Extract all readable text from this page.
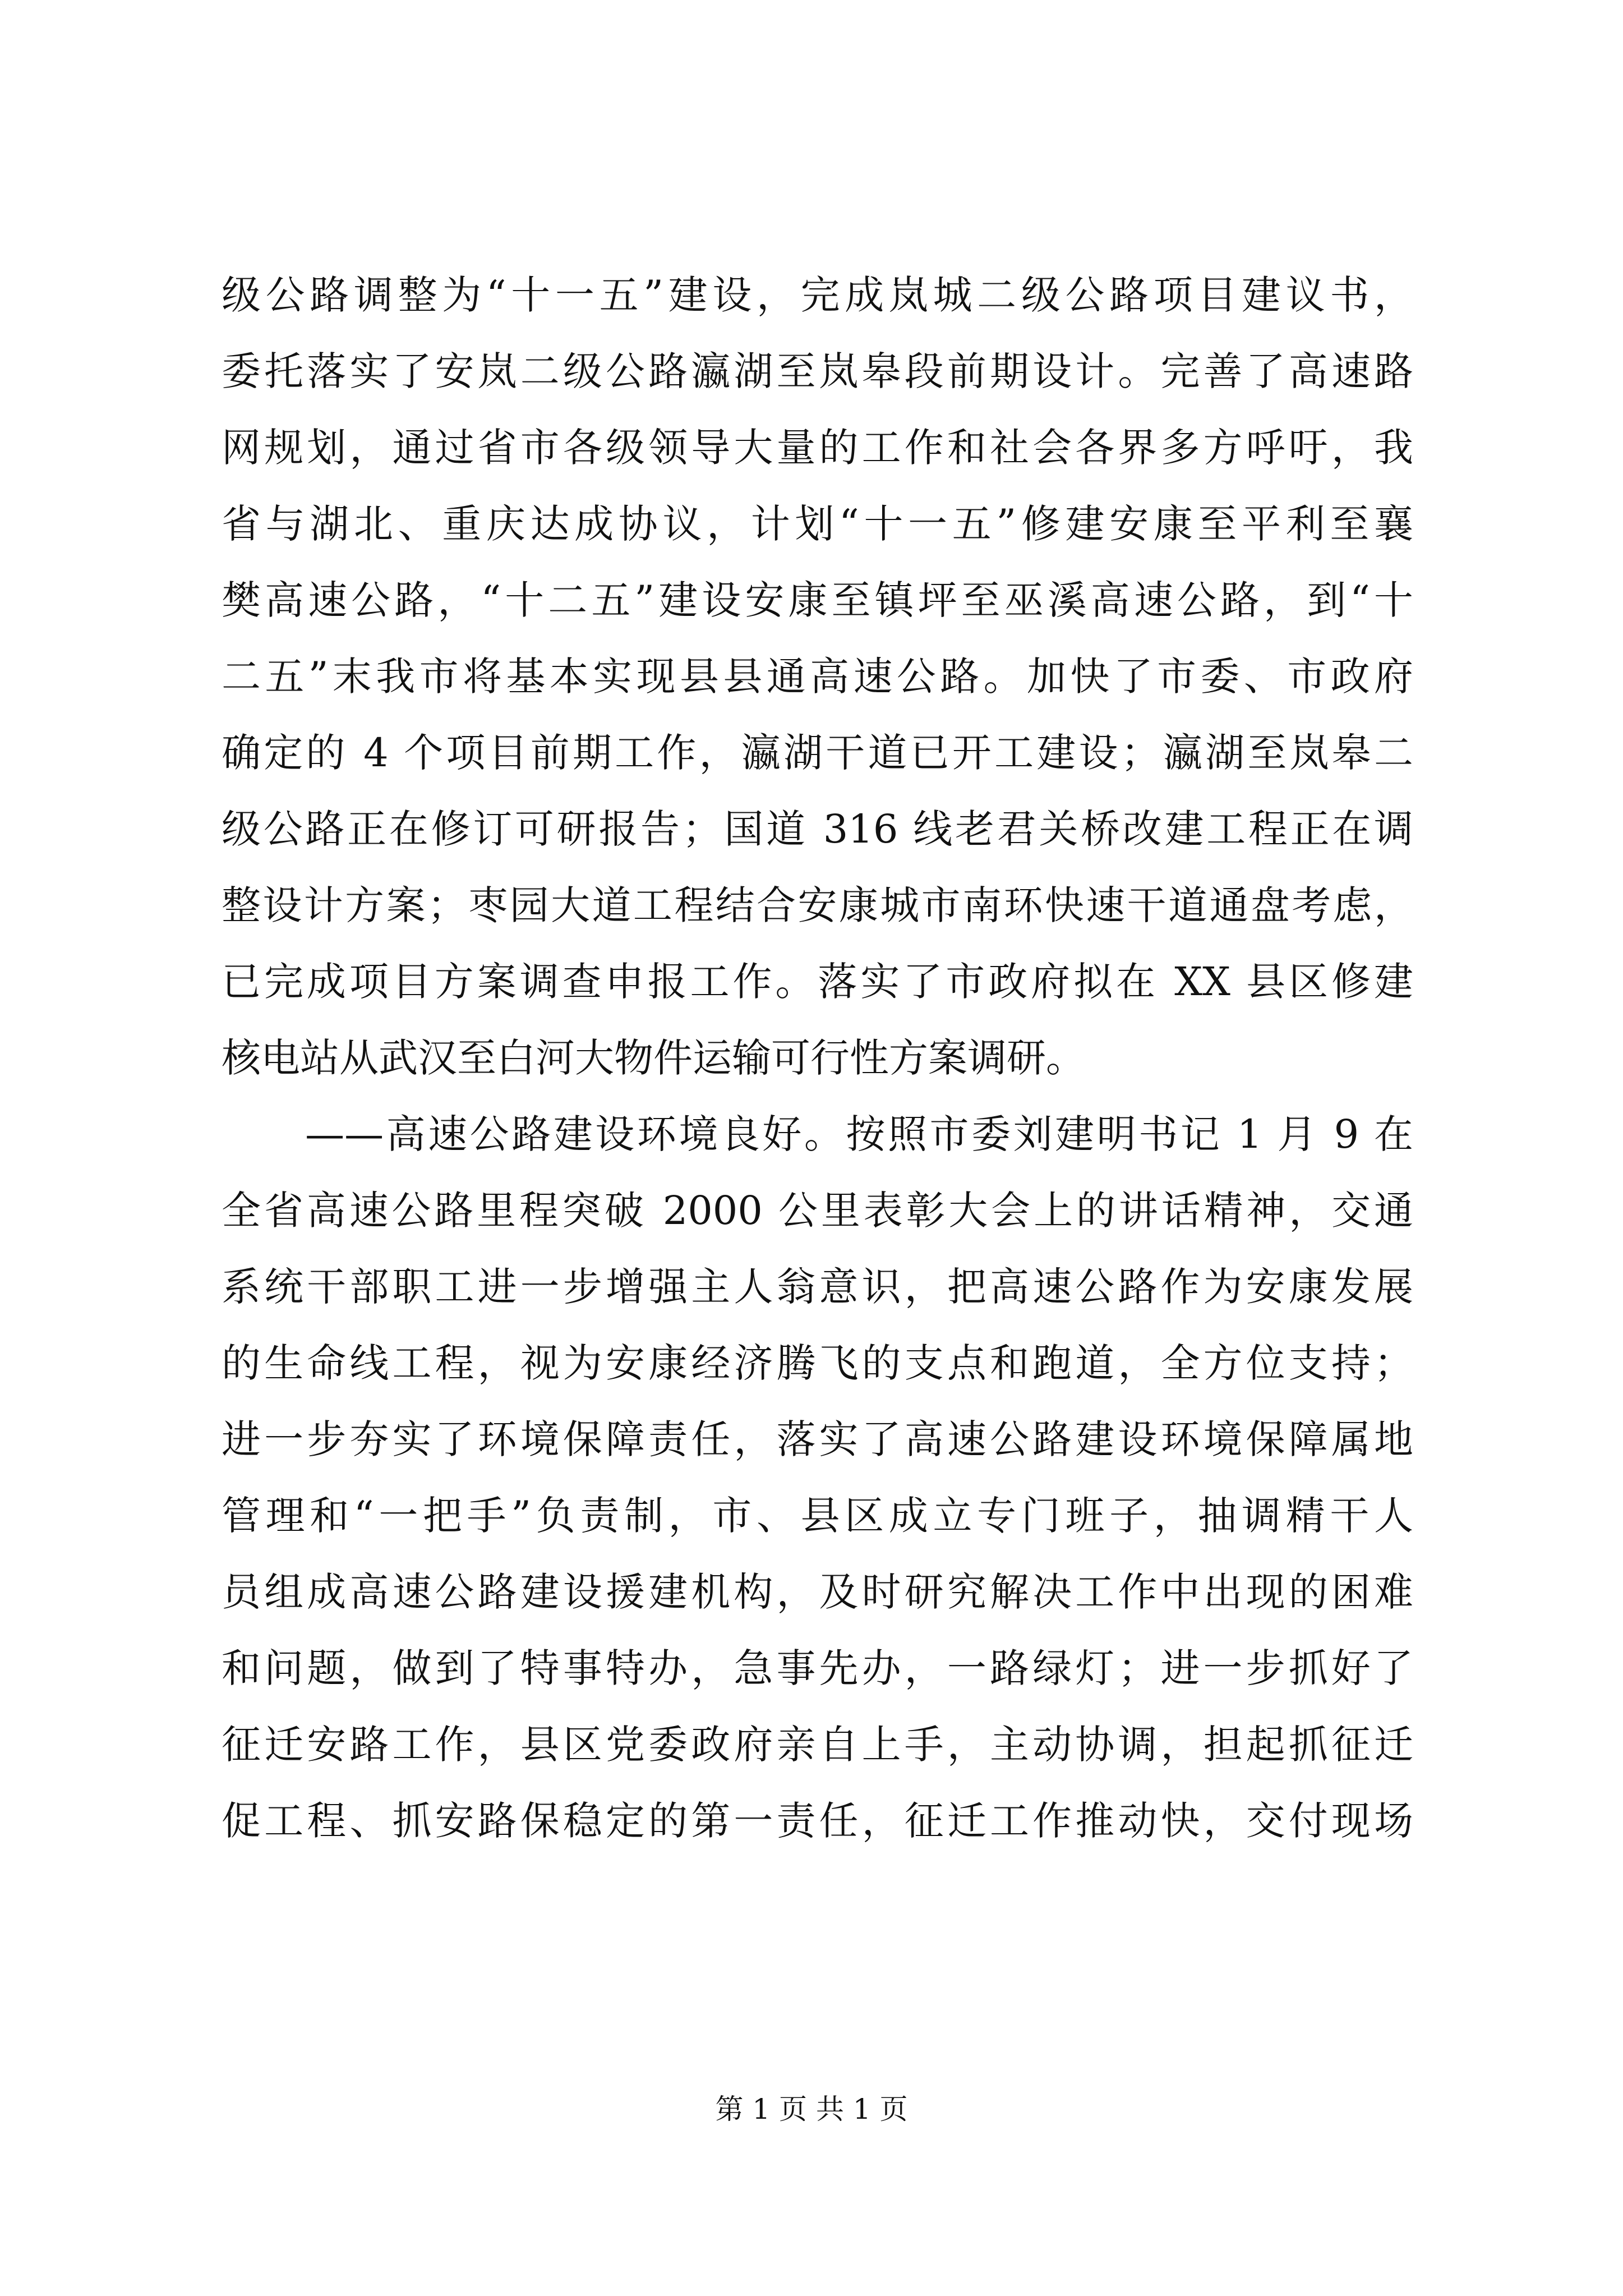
级公路调整为“十一五”建设，完成岚城二级公路项目建议书，
委托落实了安岚二级公路瀛湖至岚皋段前期设计。完善了高速路
网规划，通过省市各级领导大量的工作和社会各界多方呼吁，我
省与湖北、重庆达成协议，计划“十一五”修建安康至平利至襄
樊高速公路，“十二五”建设安康至镇坪至巫溪高速公路，到“十
二五”末我市将基本实现县县通高速公路。加快了市委、市政府
确定的 4 个项目前期工作，瀛湖干道已开工建设；瀛湖至岚皋二
级公路正在修订可研报告；国道 316 线老君关桥改建工程正在调
整设计方案；枣园大道工程结合安康城市南环快速干道通盘考虑，
已完成项目方案调查申报工作。落实了市政府拟在 XX 县区修建
核电站从武汉至白河大物件运输可行性方案调研。
　　——高速公路建设环境良好。按照市委刘建明书记 1 月 9 在
全省高速公路里程突破 2000 公里表彰大会上的讲话精神，交通
系统干部职工进一步增强主人翁意识，把高速公路作为安康发展
的生命线工程，视为安康经济腾飞的支点和跑道，全方位支持；
进一步夯实了环境保障责任，落实了高速公路建设环境保障属地
管理和“一把手”负责制，市、县区成立专门班子，抽调精干人
员组成高速公路建设援建机构，及时研究解决工作中出现的困难
和问题，做到了特事特办，急事先办，一路绿灯；进一步抓好了
征迁安路工作，县区党委政府亲自上手，主动协调，担起抓征迁
促工程、抓安路保稳定的第一责任，征迁工作推动快，交付现场
第 1 页 共 1 页
